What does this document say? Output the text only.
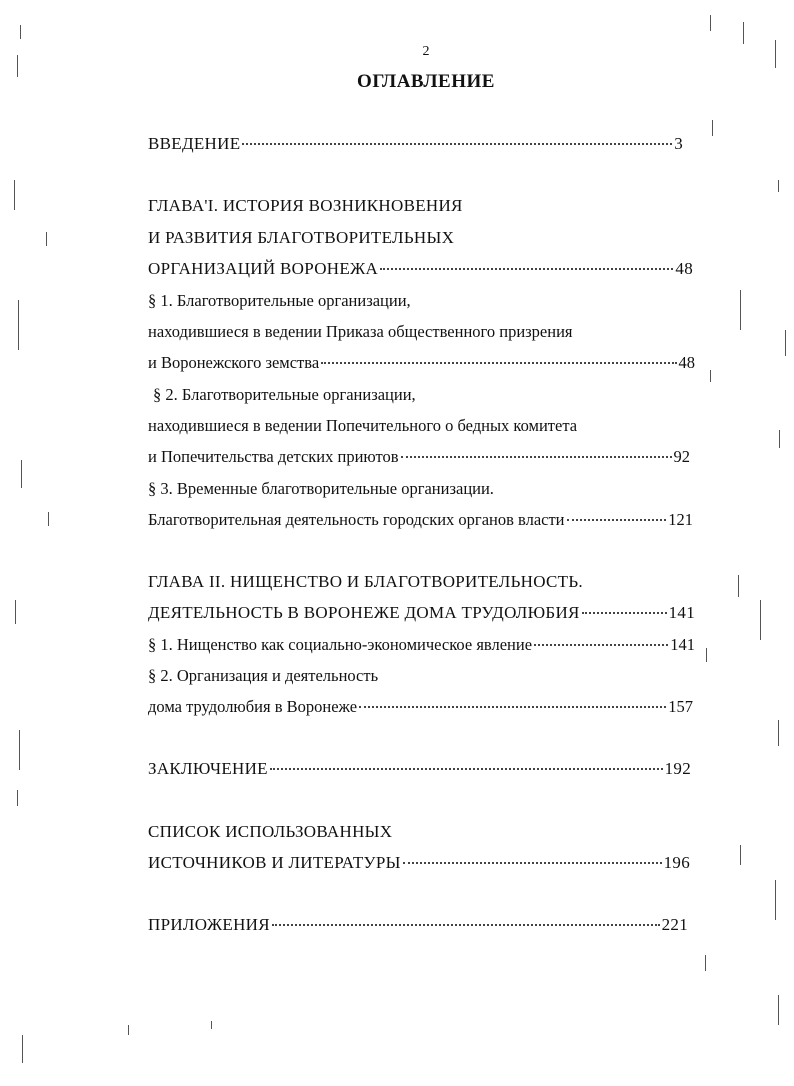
2
ОГЛАВЛЕНИЕ
ВВЕДЕНИЕ	3
ГЛАВА'I. ИСТОРИЯ ВОЗНИКНОВЕНИЯ
И РАЗВИТИЯ БЛАГОТВОРИТЕЛЬНЫХ
ОРГАНИЗАЦИЙ ВОРОНЕЖА	48
§ 1. Благотворительные организации,
находившиеся в ведении Приказа общественного призрения
и Воронежского земства	48
§ 2. Благотворительные организации,
находившиеся в ведении Попечительного о бедных комитета
и Попечительства детских приютов	92
§ 3. Временные благотворительные организации.
Благотворительная деятельность городских органов власти	121
ГЛАВА II. НИЩЕНСТВО И БЛАГОТВОРИТЕЛЬНОСТЬ.
ДЕЯТЕЛЬНОСТЬ В ВОРОНЕЖЕ ДОМА ТРУДОЛЮБИЯ	141
§ 1. Нищенство как социально-экономическое явление	141
§ 2. Организация и деятельность
дома трудолюбия в Воронеже	157
ЗАКЛЮЧЕНИЕ	192
СПИСОК ИСПОЛЬЗОВАННЫХ
ИСТОЧНИКОВ И ЛИТЕРАТУРЫ	196
ПРИЛОЖЕНИЯ	221
